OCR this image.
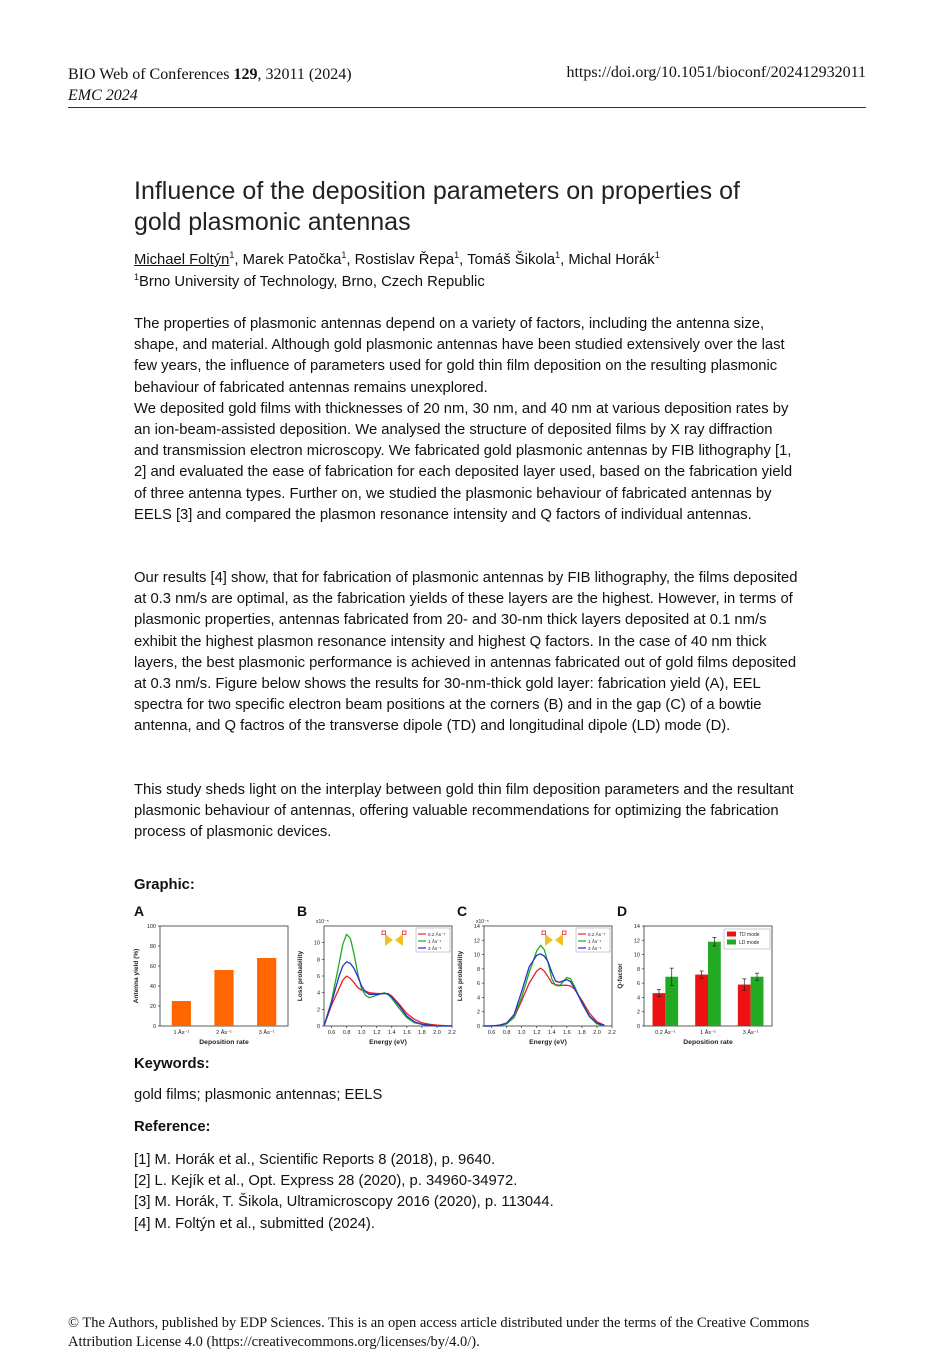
BIO Web of Conferences 129, 32011 (2024)
EMC 2024
https://doi.org/10.1051/bioconf/202412932011
Influence of the deposition parameters on properties of gold plasmonic antennas
Michael Foltýn$^1$, Marek Patočka$^1$, Rostislav Řepa$^1$, Tomáš Šikola$^1$, Michal Horák$^1$
$^1$Brno University of Technology, Brno, Czech Republic
The properties of plasmonic antennas depend on a variety of factors, including the antenna size, shape, and material. Although gold plasmonic antennas have been studied extensively over the last few years, the influence of parameters used for gold thin film deposition on the resulting plasmonic behaviour of fabricated antennas remains unexplored.
We deposited gold films with thicknesses of 20 nm, 30 nm, and 40 nm at various deposition rates by an ion-beam-assisted deposition. We analysed the structure of deposited films by X ray diffraction and transmission electron microscopy. We fabricated gold plasmonic antennas by FIB lithography [1, 2] and evaluated the ease of fabrication for each deposited layer used, based on the fabrication yield of three antenna types. Further on, we studied the plasmonic behaviour of fabricated antennas by EELS [3] and compared the plasmon resonance intensity and Q factors of individual antennas.

Our results [4] show, that for fabrication of plasmonic antennas by FIB lithography, the films deposited at 0.3 nm/s are optimal, as the fabrication yields of these layers are the highest. However, in terms of plasmonic properties, antennas fabricated from 20- and 30-nm thick layers deposited at 0.1 nm/s exhibit the highest plasmon resonance intensity and highest Q factors. In the case of 40 nm thick layers, the best plasmonic performance is achieved in antennas fabricated out of gold films deposited at 0.3 nm/s. Figure below shows the results for 30-nm-thick gold layer: fabrication yield (A), EEL spectra for two specific electron beam positions at the corners (B) and in the gap (C) of a bowtie antenna, and Q factros of the transverse dipole (TD) and longitudinal dipole (LD) mode (D).

This study sheds light on the interplay between gold thin film deposition parameters and the resultant plasmonic behaviour of antennas, offering valuable recommendations for optimizing the fabrication process of plasmonic devices.

Graphic:
A	B	C	D
0
20
40
60
80
100
Antenna yield (%)
Deposition rate
1 Ås⁻¹	2 Ås⁻¹	3 Ås⁻¹
0
2
4
6
8
10
Loss probability
Energy (eV)
0.6 0.8 1.0 1.2 1.4 1.6 1.8 2.0 2.2
x10⁻⁵
0.2 Ås⁻¹
1 Ås⁻¹
3 Ås⁻¹
0
2
4
6
8
10
12
14
Loss probability
Energy (eV)
0.6 0.8 1.0 1.2 1.4 1.6 1.8 2.0 2.2
x10⁻⁵
0.2 Ås⁻¹
1 Ås⁻¹
3 Ås⁻¹
0
2
4
6
8
10
12
14
Q-factor
Deposition rate
0.2 Ås⁻¹	1 Ås⁻¹	3 Ås⁻¹
TD mode
LD mode
Keywords:
gold films; plasmonic antennas; EELS
Reference:
[1] M. Horák et al., Scientific Reports 8 (2018), p. 9640.
[2] L. Kejík et al., Opt. Express 28 (2020), p. 34960-34972.
[3] M. Horák, T. Šikola, Ultramicroscopy 2016 (2020), p. 113044.
[4] M. Foltýn et al., submitted (2024).
© The Authors, published by EDP Sciences. This is an open access article distributed under the terms of the Creative Commons Attribution License 4.0 (https://creativecommons.org/licenses/by/4.0/).
